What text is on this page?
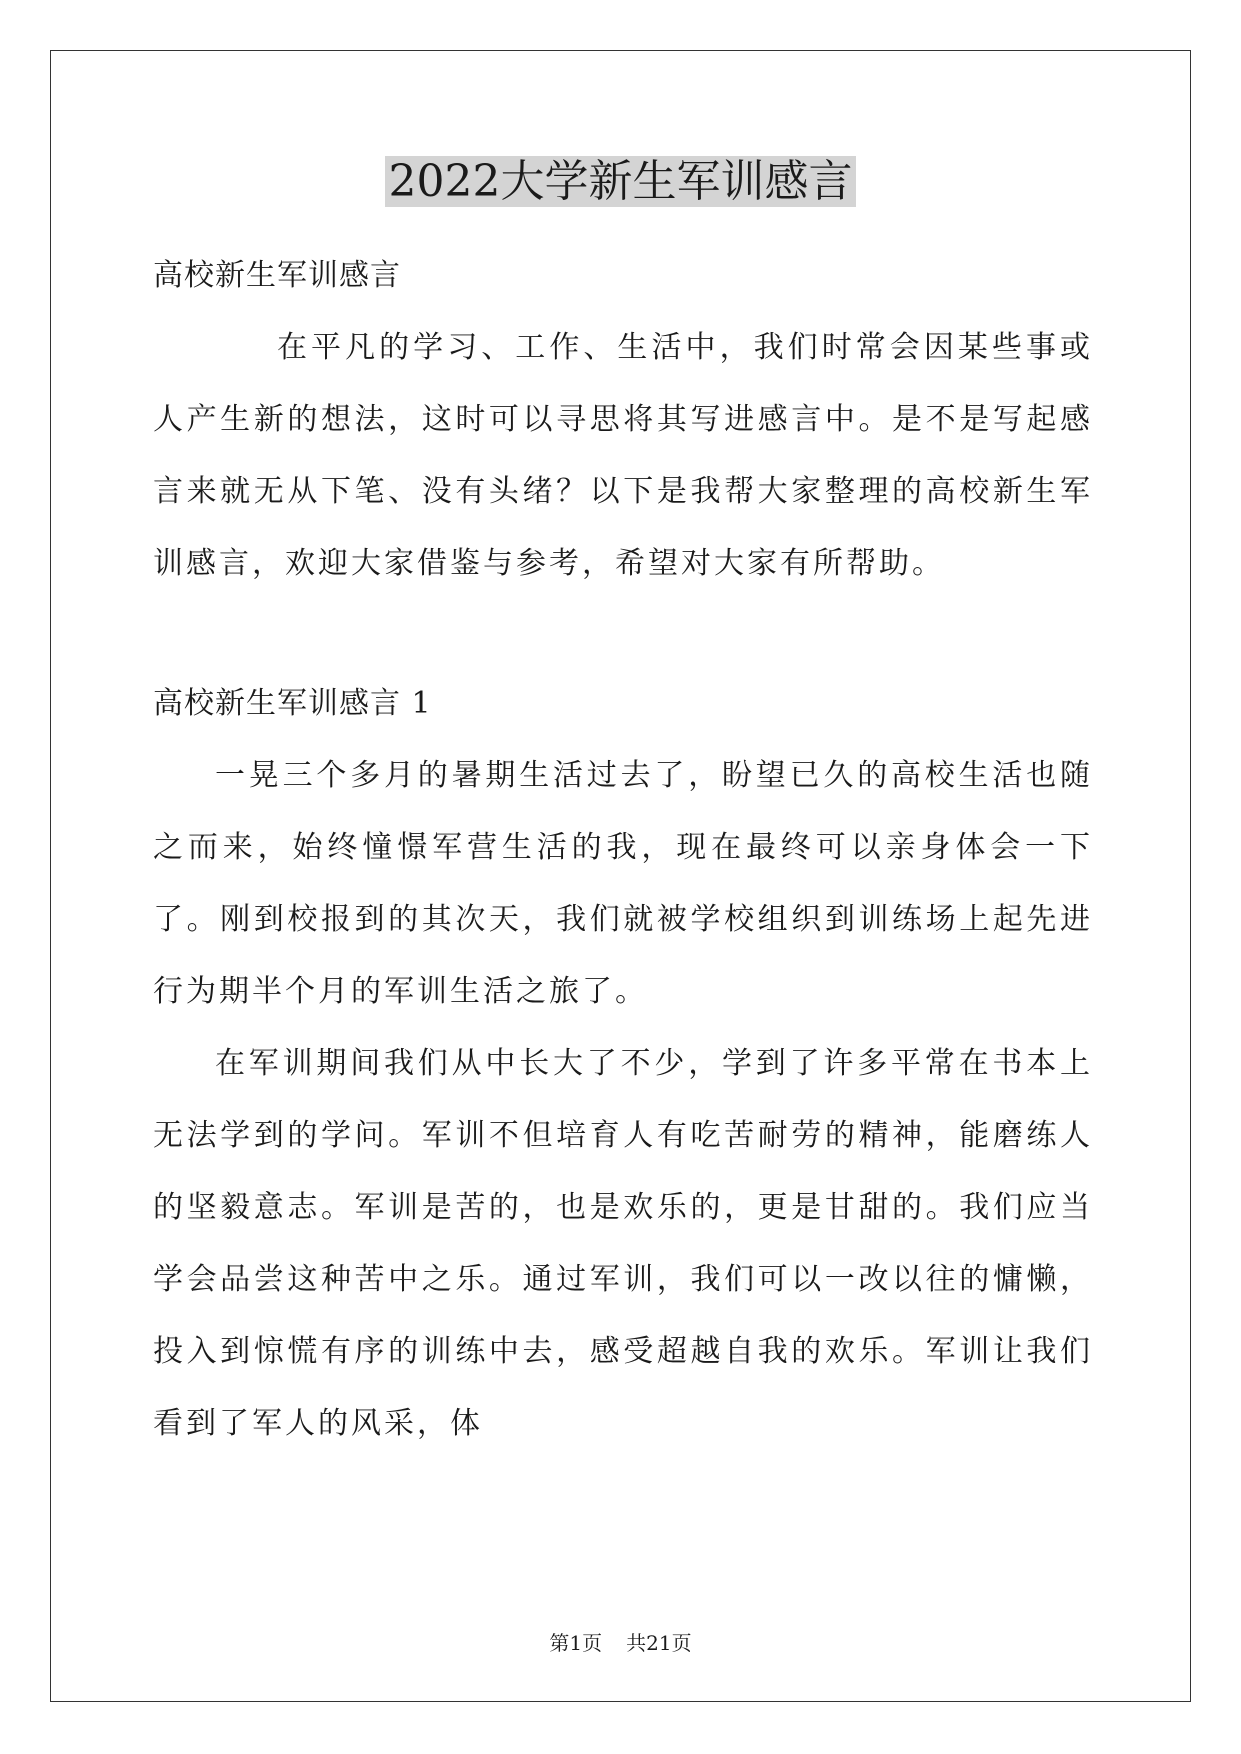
2022大学新生军训感言

高校新生军训感言

在平凡的学习、工作、生活中，我们时常会因某些事或人产生新的想法，这时可以寻思将其写进感言中。是不是写起感言来就无从下笔、没有头绪？以下是我帮大家整理的高校新生军训感言，欢迎大家借鉴与参考，希望对大家有所帮助。

高校新生军训感言 1

一晃三个多月的暑期生活过去了，盼望已久的高校生活也随之而来，始终憧憬军营生活的我，现在最终可以亲身体会一下了。刚到校报到的其次天，我们就被学校组织到训练场上起先进行为期半个月的军训生活之旅了。

在军训期间我们从中长大了不少，学到了许多平常在书本上无法学到的学问。军训不但培育人有吃苦耐劳的精神，能磨练人的坚毅意志。军训是苦的，也是欢乐的，更是甘甜的。我们应当学会品尝这种苦中之乐。通过军训，我们可以一改以往的慵懒，投入到惊慌有序的训练中去，感受超越自我的欢乐。军训让我们看到了军人的风采，体

第1页 共21页
